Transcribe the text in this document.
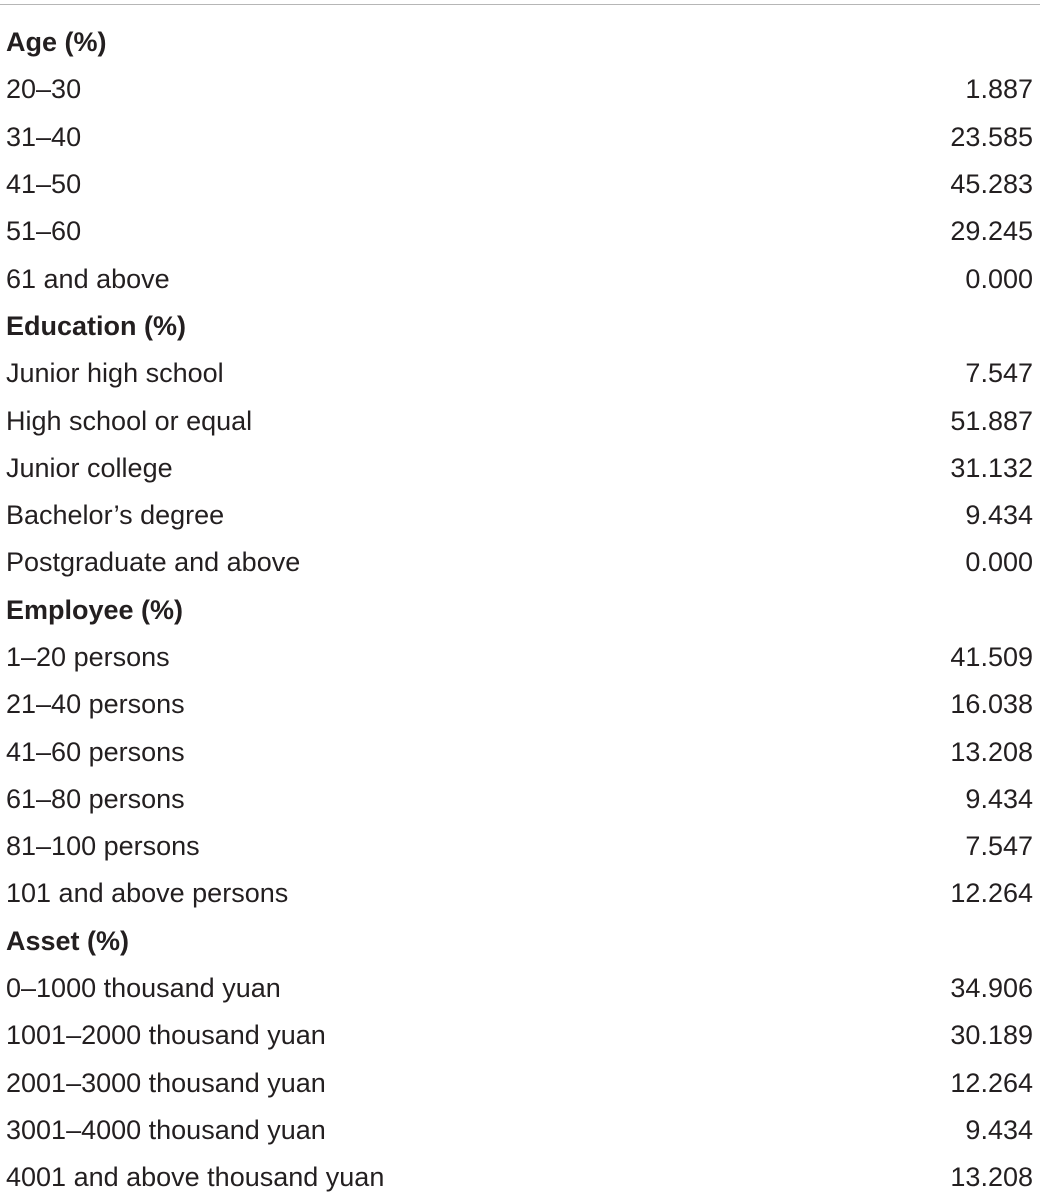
Age (%)
20–30	1.887
31–40	23.585
41–50	45.283
51–60	29.245
61 and above	0.000
Education (%)
Junior high school	7.547
High school or equal	51.887
Junior college	31.132
Bachelor’s degree	9.434
Postgraduate and above	0.000
Employee (%)
1–20 persons	41.509
21–40 persons	16.038
41–60 persons	13.208
61–80 persons	9.434
81–100 persons	7.547
101 and above persons	12.264
Asset (%)
0–1000 thousand yuan	34.906
1001–2000 thousand yuan	30.189
2001–3000 thousand yuan	12.264
3001–4000 thousand yuan	9.434
4001 and above thousand yuan	13.208
